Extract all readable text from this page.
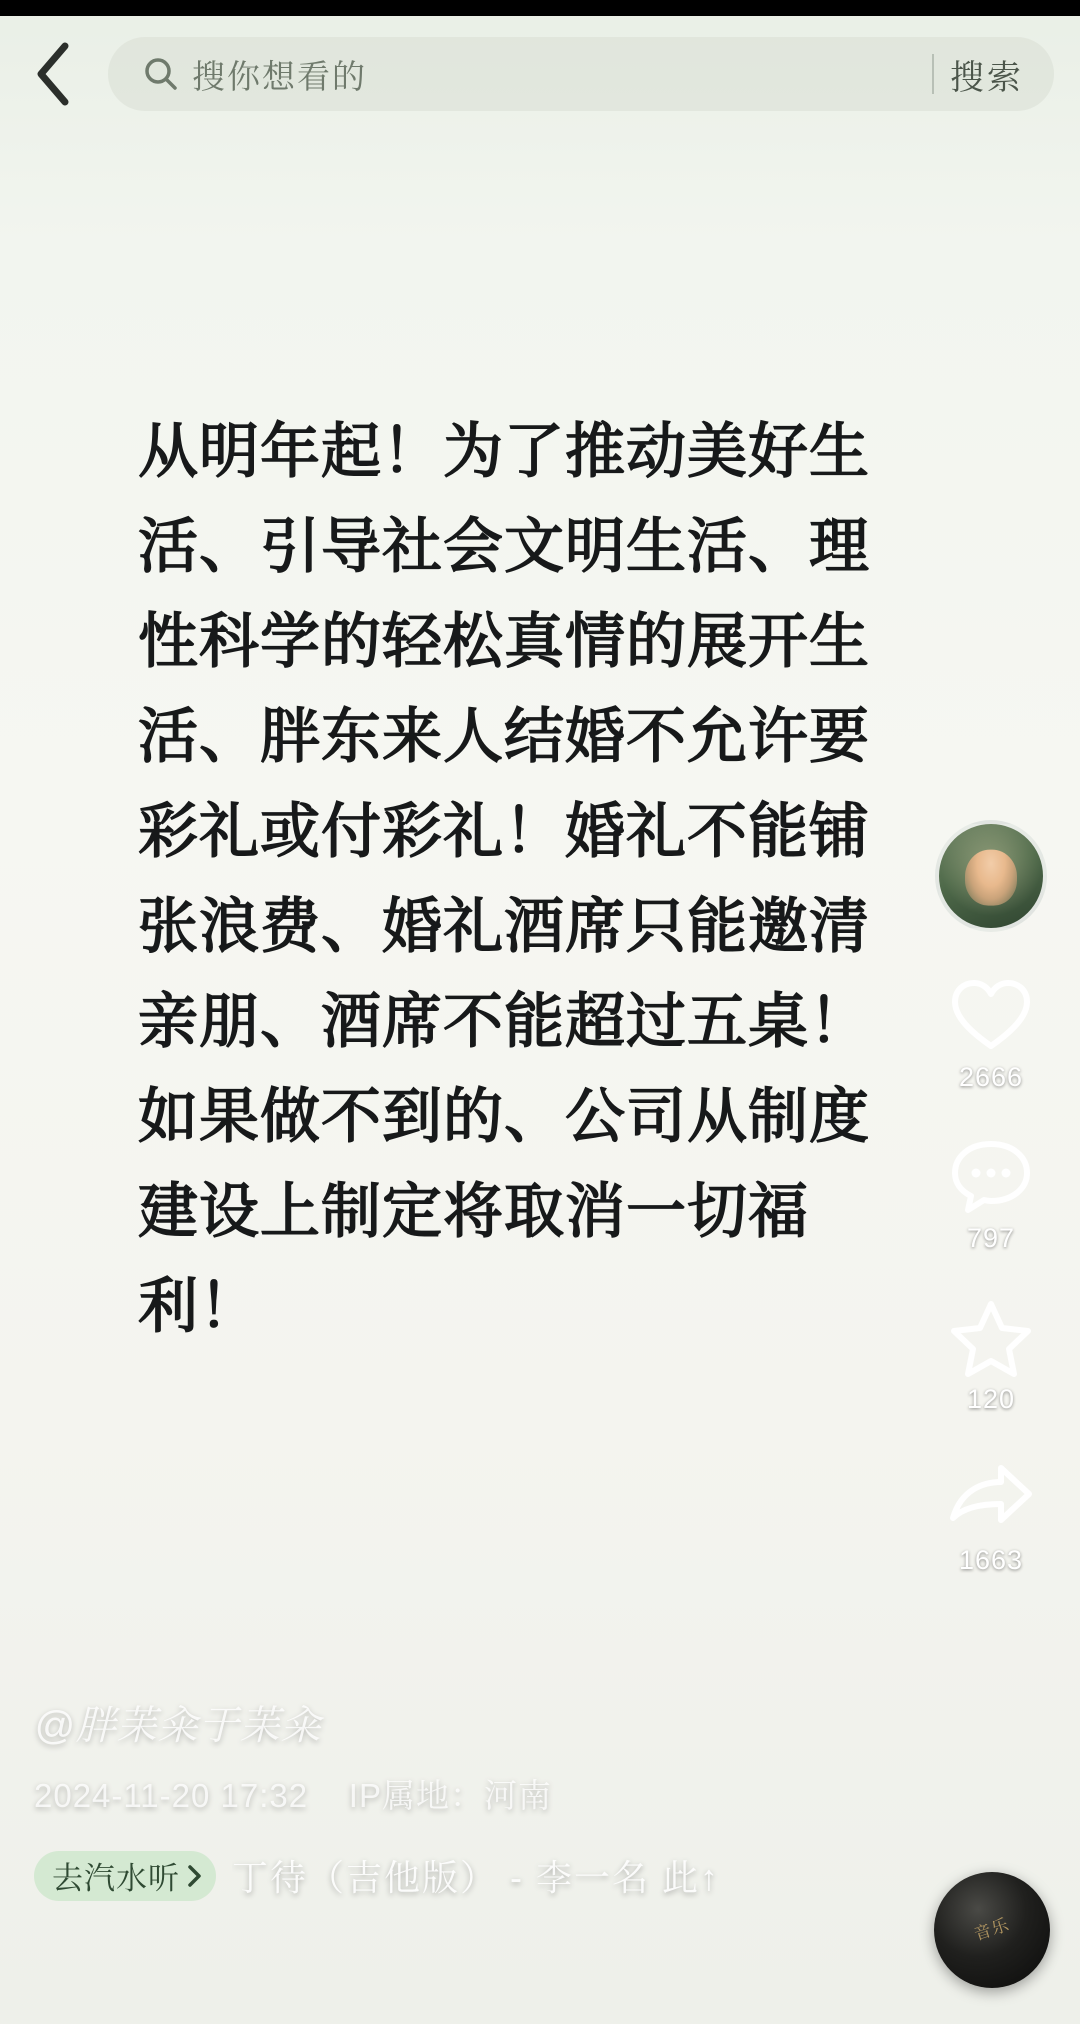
搜你想看的	搜索
从明年起！为了推动美好生活、引导社会文明生活、理性科学的轻松真情的展开生活、胖东来人结婚不允许要彩礼或付彩礼！婚礼不能铺张浪费、婚礼酒席只能邀清亲朋、酒席不能超过五桌！如果做不到的、公司从制度建设上制定将取消一切福利！
2666
797
120
1663
@胖苿籴于苿籴
2024-11-20 17:32 IP属地：河南
去汽水听 丁待（吉他版） - 李一名 此↑
音乐
